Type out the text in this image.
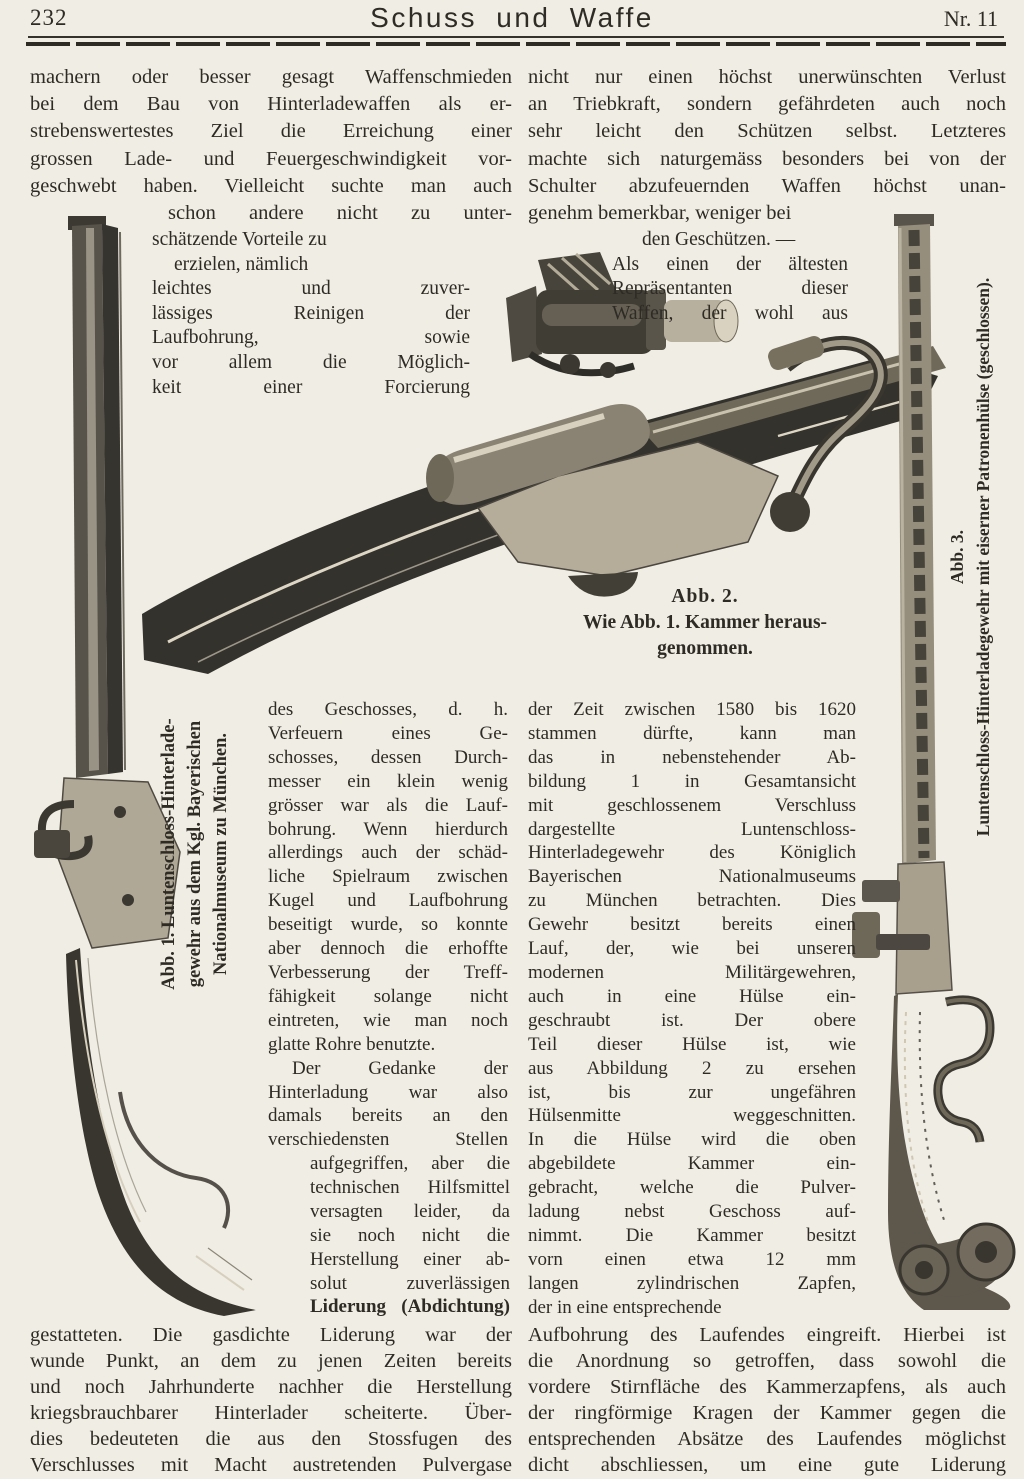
232	Schuss und Waffe	Nr. 11
machern oder besser gesagt Waffenschmieden
bei dem Bau von Hinterladewaffen als er-
strebenswertestes Ziel die Erreichung einer
grossen Lade- und Feuergeschwindigkeit vor-
geschwebt haben. Vielleicht suchte man auch
schon andere nicht zu unter-
schätzende Vorteile zu
erzielen, nämlich
leichtes und zuver-
lässiges Reinigen der
Laufbohrung, sowie
vor allem die Möglich-
keit einer Forcierung
nicht nur einen höchst unerwünschten Verlust
an Triebkraft, sondern gefährdeten auch noch
sehr leicht den Schützen selbst. Letzteres
machte sich naturgemäss besonders bei von der
Schulter abzufeuernden Waffen höchst unan-
genehm bemerkbar, weniger bei
den Geschützen. —
Als einen der ältesten
Repräsentanten dieser
Waffen, der wohl aus
Abb. 2.
Wie Abb. 1. Kammer heraus-
genommen.
Abb. 1. Luntenschloss-Hinterlade- gewehr aus dem Kgl. Bayerischen Nationalmuseum zu München.
Abb. 3. Luntenschloss-Hinterladegewehr mit eiserner Patronenhülse (geschlossen).
des Geschosses, d. h.
Verfeuern eines Ge-
schosses, dessen Durch-
messer ein klein wenig
grösser war als die Lauf-
bohrung. Wenn hierdurch
allerdings auch der schäd-
liche Spielraum zwischen
Kugel und Laufbohrung
beseitigt wurde, so konnte
aber dennoch die erhoffte
Verbesserung der Treff-
fähigkeit solange nicht
eintreten, wie man noch
glatte Rohre benutzte.
Der Gedanke der
Hinterladung war also
damals bereits an den
verschiedensten Stellen
aufgegriffen, aber die
technischen Hilfsmittel
versagten leider, da
sie noch nicht die
Herstellung einer ab-
solut zuverlässigen
Liderung (Abdichtung)
der Zeit zwischen 1580 bis 1620
stammen dürfte, kann man
das in nebenstehender Ab-
bildung 1 in Gesamtansicht
mit geschlossenem Verschluss
dargestellte Luntenschloss-
Hinterladegewehr des Königlich
Bayerischen Nationalmuseums
zu München betrachten. Dies
Gewehr besitzt bereits einen
Lauf, der, wie bei unseren
modernen Militärgewehren,
auch in eine Hülse ein-
geschraubt ist. Der obere
Teil dieser Hülse ist, wie
aus Abbildung 2 zu ersehen
ist, bis zur ungefähren
Hülsenmitte weggeschnitten.
In die Hülse wird die oben
abgebildete Kammer ein-
gebracht, welche die Pulver-
ladung nebst Geschoss auf-
nimmt. Die Kammer besitzt
vorn einen etwa 12 mm
langen zylindrischen Zapfen,
der in eine entsprechende
gestatteten. Die gasdichte Liderung war der
wunde Punkt, an dem zu jenen Zeiten bereits
und noch Jahrhunderte nachher die Herstellung
kriegsbrauchbarer Hinterlader scheiterte. Über-
dies bedeuteten die aus den Stossfugen des
Verschlusses mit Macht austretenden Pulvergase
Aufbohrung des Laufendes eingreift. Hierbei ist
die Anordnung so getroffen, dass sowohl die
vordere Stirnfläche des Kammerzapfens, als auch
der ringförmige Kragen der Kammer gegen die
entsprechenden Absätze des Laufendes möglichst
dicht abschliessen, um eine gute Liderung
